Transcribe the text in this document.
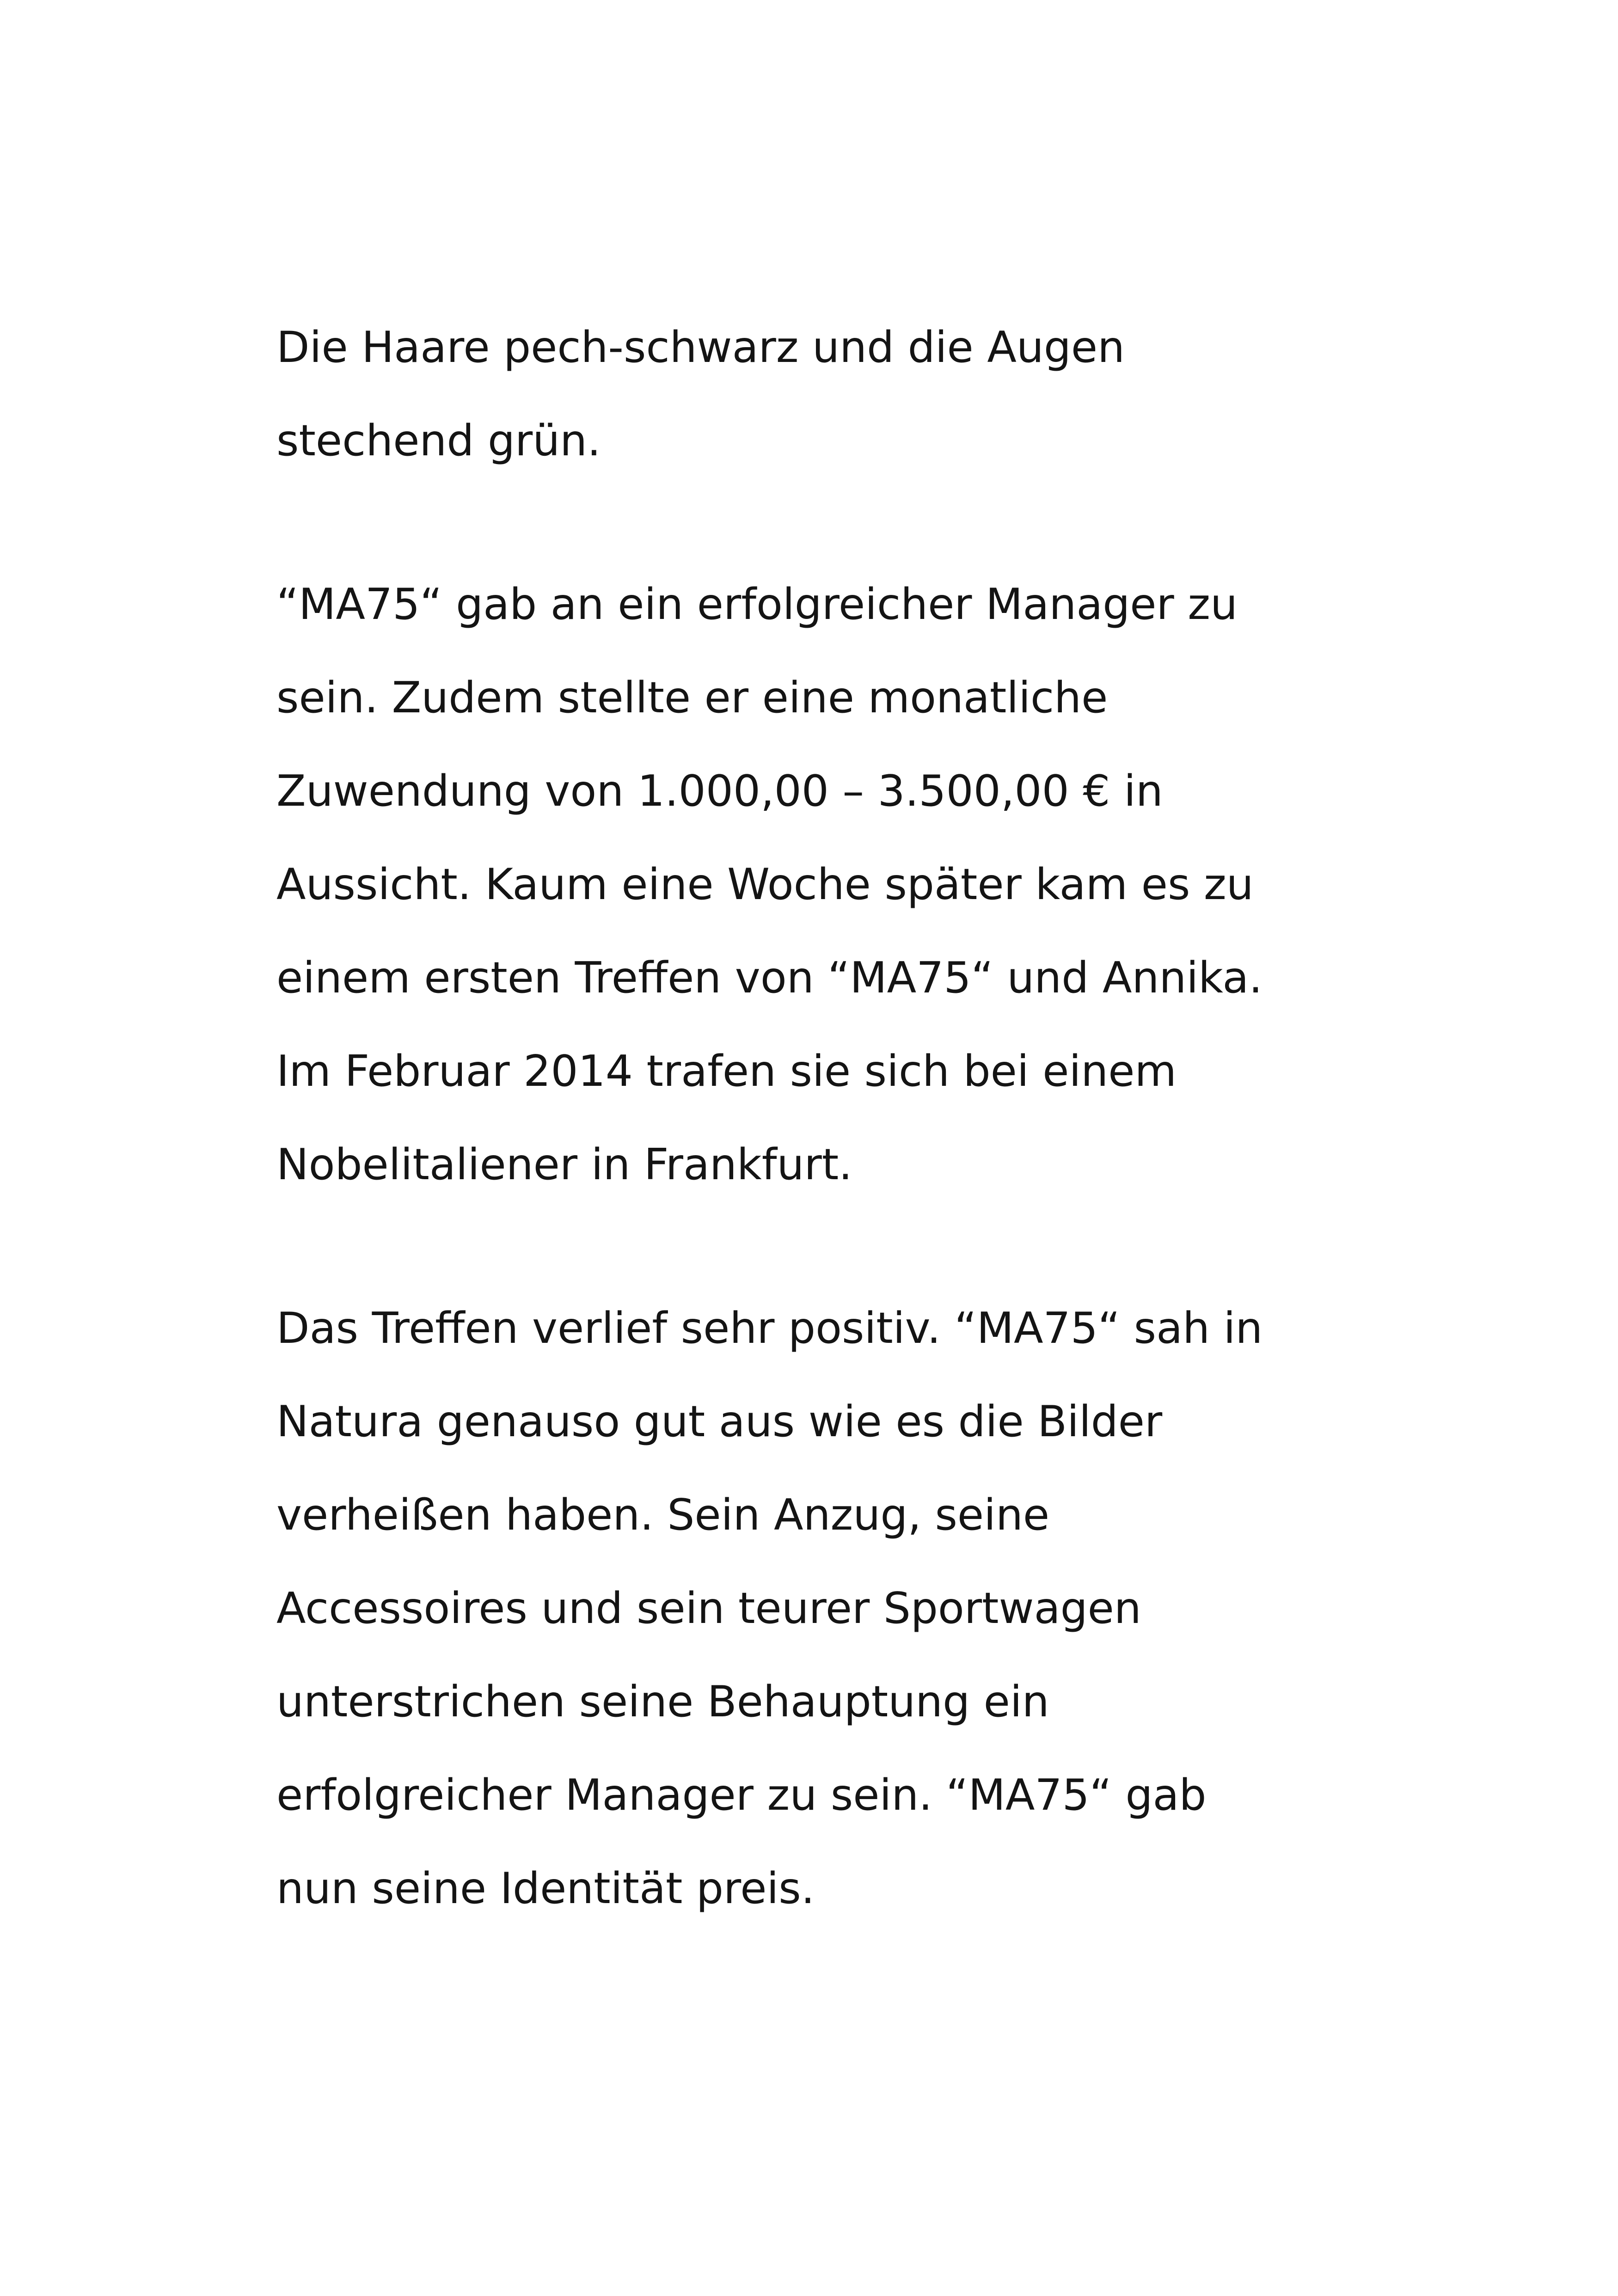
Die Haare pech-schwarz und die Augen
stechend grün.

“MA75“ gab an ein erfolgreicher Manager zu
sein. Zudem stellte er eine monatliche
Zuwendung von 1.000,00 – 3.500,00 € in
Aussicht. Kaum eine Woche später kam es zu
einem ersten Treffen von “MA75“ und Annika.
Im Februar 2014 trafen sie sich bei einem
Nobelitaliener in Frankfurt.

Das Treffen verlief sehr positiv. “MA75“ sah in
Natura genauso gut aus wie es die Bilder
verheißen haben. Sein Anzug, seine
Accessoires und sein teurer Sportwagen
unterstrichen seine Behauptung ein
erfolgreicher Manager zu sein. “MA75“ gab
nun seine Identität preis.
